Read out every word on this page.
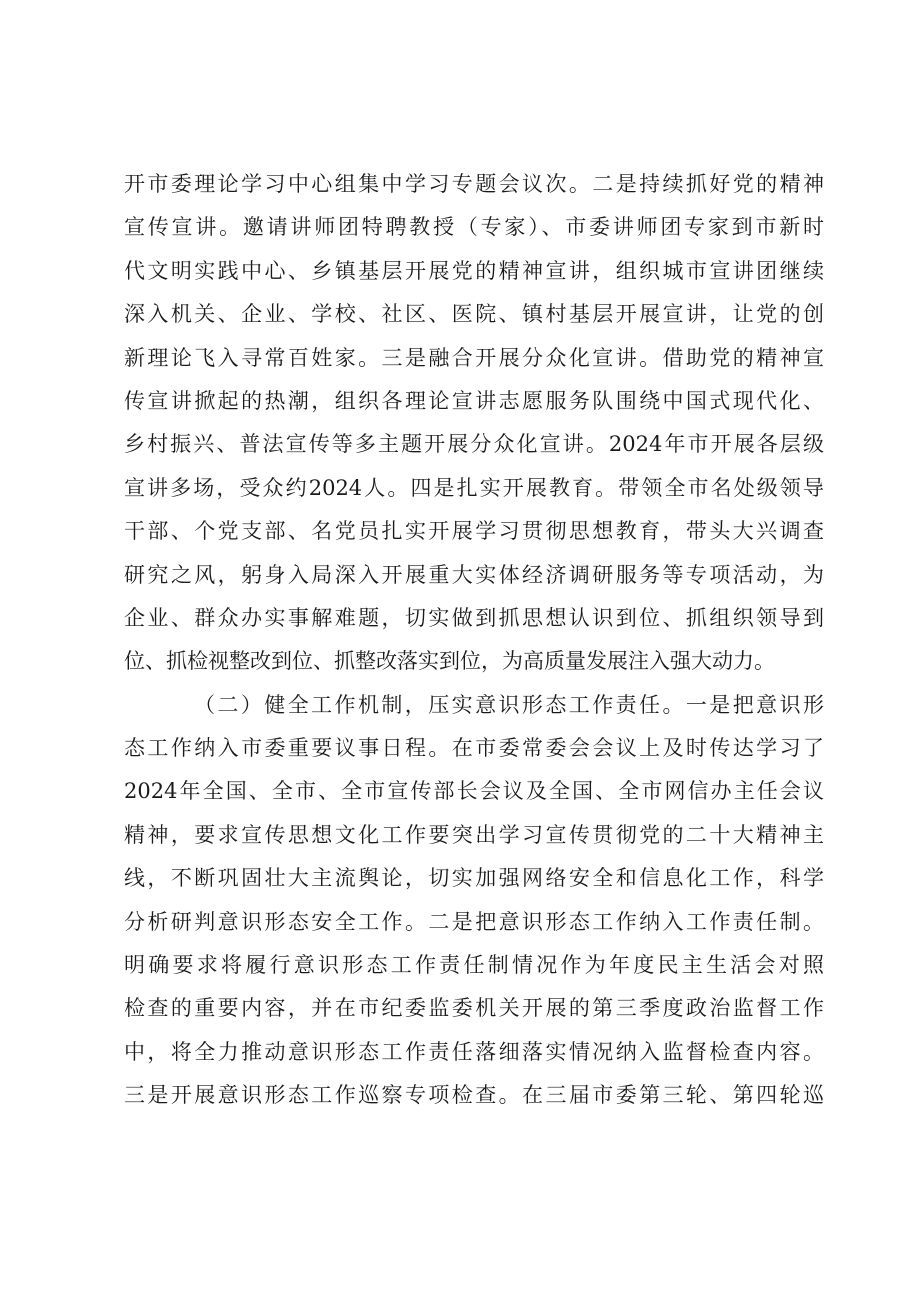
开市委理论学习中心组集中学习专题会议次。二是持续抓好党的精神
宣传宣讲。邀请讲师团特聘教授（专家）、市委讲师团专家到市新时
代文明实践中心、乡镇基层开展党的精神宣讲，组织城市宣讲团继续
深入机关、企业、学校、社区、医院、镇村基层开展宣讲，让党的创
新理论飞入寻常百姓家。三是融合开展分众化宣讲。借助党的精神宣
传宣讲掀起的热潮，组织各理论宣讲志愿服务队围绕中国式现代化、
乡村振兴、普法宣传等多主题开展分众化宣讲。2024年市开展各层级
宣讲多场，受众约2024人。四是扎实开展教育。带领全市名处级领导
干部、个党支部、名党员扎实开展学习贯彻思想教育，带头大兴调查
研究之风，躬身入局深入开展重大实体经济调研服务等专项活动，为
企业、群众办实事解难题，切实做到抓思想认识到位、抓组织领导到
位、抓检视整改到位、抓整改落实到位，为高质量发展注入强大动力。
（二）健全工作机制，压实意识形态工作责任。一是把意识形
态工作纳入市委重要议事日程。在市委常委会会议上及时传达学习了
2024年全国、全市、全市宣传部长会议及全国、全市网信办主任会议
精神，要求宣传思想文化工作要突出学习宣传贯彻党的二十大精神主
线，不断巩固壮大主流舆论，切实加强网络安全和信息化工作，科学
分析研判意识形态安全工作。二是把意识形态工作纳入工作责任制。
明确要求将履行意识形态工作责任制情况作为年度民主生活会对照
检查的重要内容，并在市纪委监委机关开展的第三季度政治监督工作
中，将全力推动意识形态工作责任落细落实情况纳入监督检查内容。
三是开展意识形态工作巡察专项检查。在三届市委第三轮、第四轮巡
